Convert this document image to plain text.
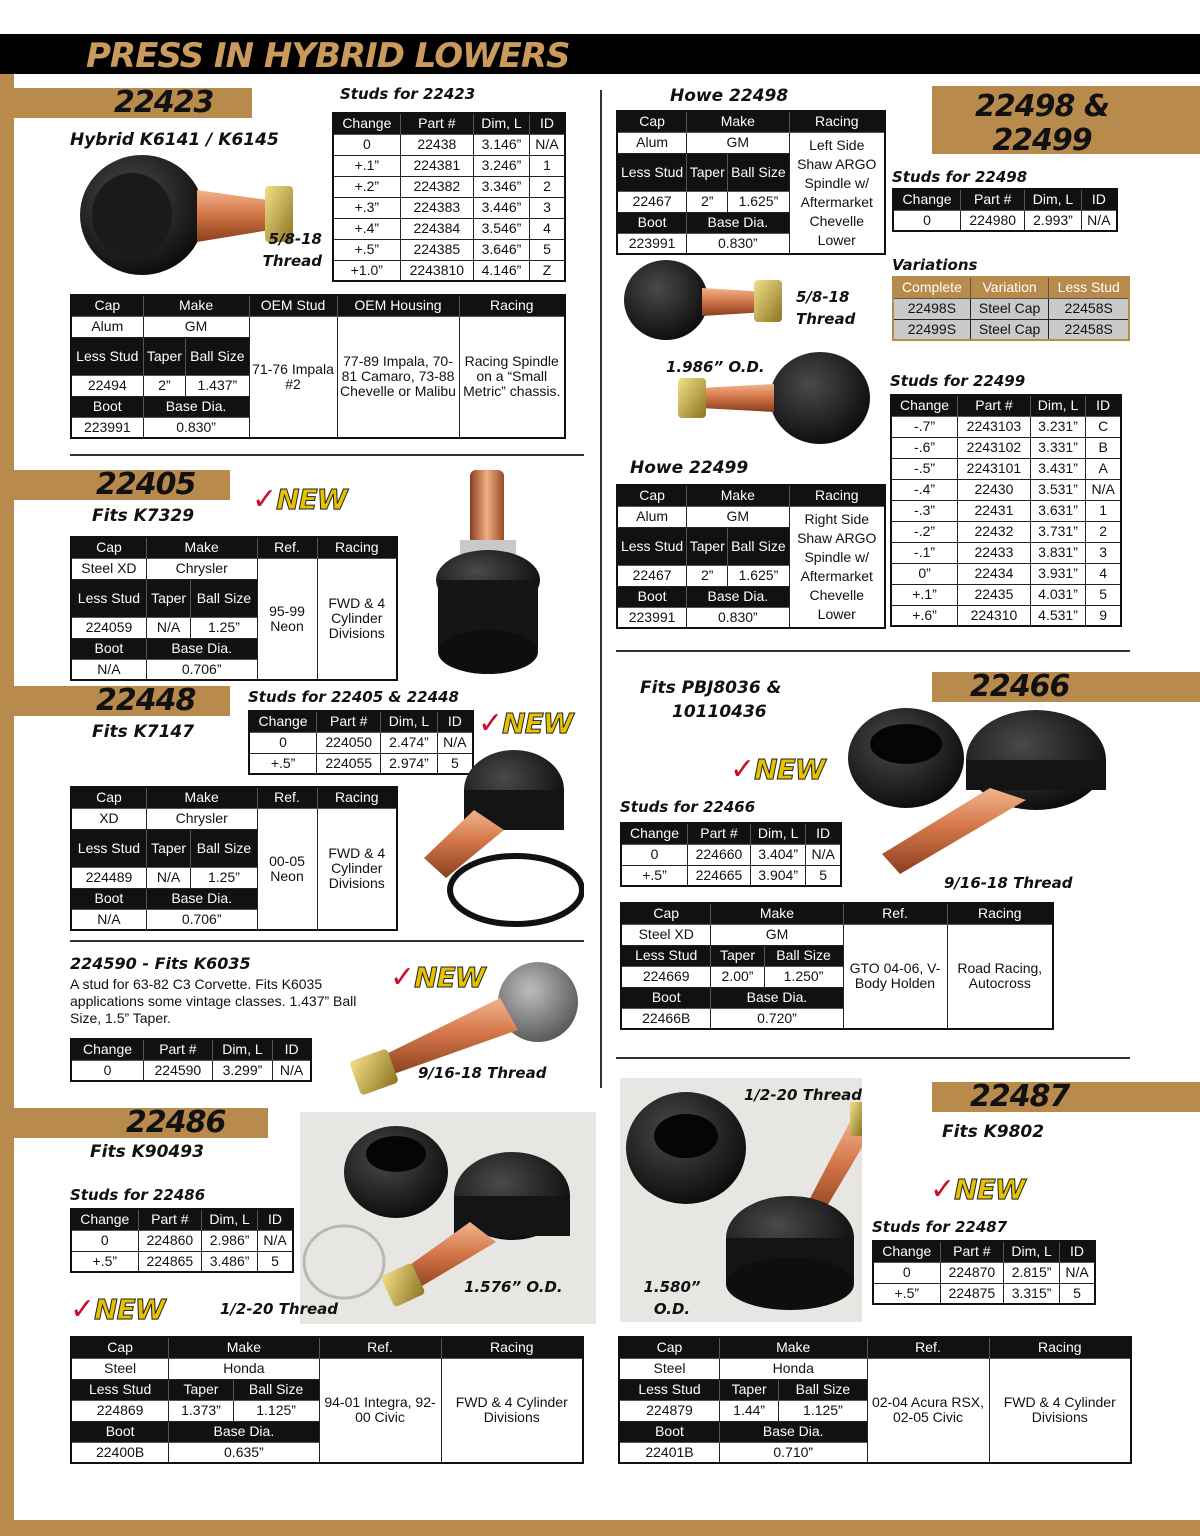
PRESS IN HYBRID LOWERS
22423
Hybrid K6141 / K6145
Studs for 22423
Change	Part #	Dim, L	ID
0	22438	3.146”	N/A
+.1”	224381	3.246”	1
+.2”	224382	3.346”	2
+.3”	224383	3.446”	3
+.4”	224384	3.546”	4
+.5”	224385	3.646”	5
+1.0”	2243810	4.146”	Z
5/8-18
Thread
Cap	Make		OEM Stud	OEM Housing	Racing
Alum	GM		71-76 Impala #2	77-89 Impala, 70-81 Camaro, 73-88 Chevelle or Malibu	Racing Spindle on a “Small Metric” chassis.
Less Stud	Taper	Ball Size			
22494	2”	1.437”			
Boot	Base Dia.				
223991	0.830”				
22405
Fits K7329 ✓NEW
Cap	Make		Ref.	Racing
Steel XD	Chrysler		95-99 Neon	FWD & 4 Cylinder Divisions
Less Stud	Taper	Ball Size		
224059	N/A	1.25”		
Boot	Base Dia.			
N/A	0.706”			
22448
Fits K7147
Studs for 22405 & 22448
Change	Part #	Dim, L	ID
0	224050	2.474”	N/A
+.5”	224055	2.974”	5
✓NEW
Cap	Make		Ref.	Racing
XD	Chrysler		00-05 Neon	FWD & 4 Cylinder Divisions
Less Stud	Taper	Ball Size		
224489	N/A	1.25”		
Boot	Base Dia.			
N/A	0.706”			
224590 - Fits K6035
A stud for 63-82 C3 Corvette. Fits K6035 applications some vintage classes. 1.437” Ball Size, 1.5” Taper.
✓NEW
9/16-18 Thread
Change	Part #	Dim, L	ID
0	224590	3.299”	N/A
22486
Fits K90493
Studs for 22486
Change	Part #	Dim, L	ID
0	224860	2.986”	N/A
+.5”	224865	3.486”	5
✓NEW
1.576” O.D.
1/2-20 Thread
Cap	Make		Ref.	Racing
Steel	Honda		94-01 Integra, 92-00 Civic	FWD & 4 Cylinder Divisions
Less Stud	Taper	Ball Size		
224869	1.373”	1.125”		
Boot	Base Dia.			
22400B	0.635”			
Howe 22498
Cap	Make		Racing
Alum	GM		Left Side Shaw ARGO Spindle w/ Aftermarket Chevelle Lower
Less Stud	Taper	Ball Size	
22467	2”	1.625”	
Boot	Base Dia.		
223991	0.830”		
22498 & 22499
Studs for 22498
Change	Part #	Dim, L	ID
0	224980	2.993”	N/A
Variations
Complete	Variation	Less Stud
22498S	Steel Cap	22458S
22499S	Steel Cap	22458S
5/8-18
Thread
1.986” O.D.
Studs for 22499
Change	Part #	Dim, L	ID
-.7”	2243103	3.231”	C
-.6”	2243102	3.331”	B
-.5”	2243101	3.431”	A
-.4”	22430	3.531”	N/A
-.3”	22431	3.631”	1
-.2”	22432	3.731”	2
-.1”	22433	3.831”	3
0”	22434	3.931”	4
+.1”	22435	4.031”	5
+.6”	224310	4.531”	9
Howe 22499
Cap	Make		Racing
Alum	GM		Right Side Shaw ARGO Spindle w/ Aftermarket Chevelle Lower
Less Stud	Taper	Ball Size	
22467	2”	1.625”	
Boot	Base Dia.		
223991	0.830”		
Fits PBJ8036 &
10110436
22466
✓NEW
9/16-18 Thread
Studs for 22466
Change	Part #	Dim, L	ID
0	224660	3.404”	N/A
+.5”	224665	3.904”	5
Cap	Make		Ref.	Racing
Steel XD	GM		GTO 04-06, V-Body Holden	Road Racing, Autocross
Less Stud	Taper	Ball Size		
224669	2.00”	1.250”		
Boot	Base Dia.			
22466B	0.720”			
1/2-20 Thread
1.580”
O.D.
22487
Fits K9802
✓NEW
Studs for 22487
Change	Part #	Dim, L	ID
0	224870	2.815”	N/A
+.5”	224875	3.315”	5
Cap	Make		Ref.	Racing
Steel	Honda		02-04 Acura RSX, 02-05 Civic	FWD & 4 Cylinder Divisions
Less Stud	Taper	Ball Size		
224879	1.44”	1.125”		
Boot	Base Dia.			
22401B	0.710”			
